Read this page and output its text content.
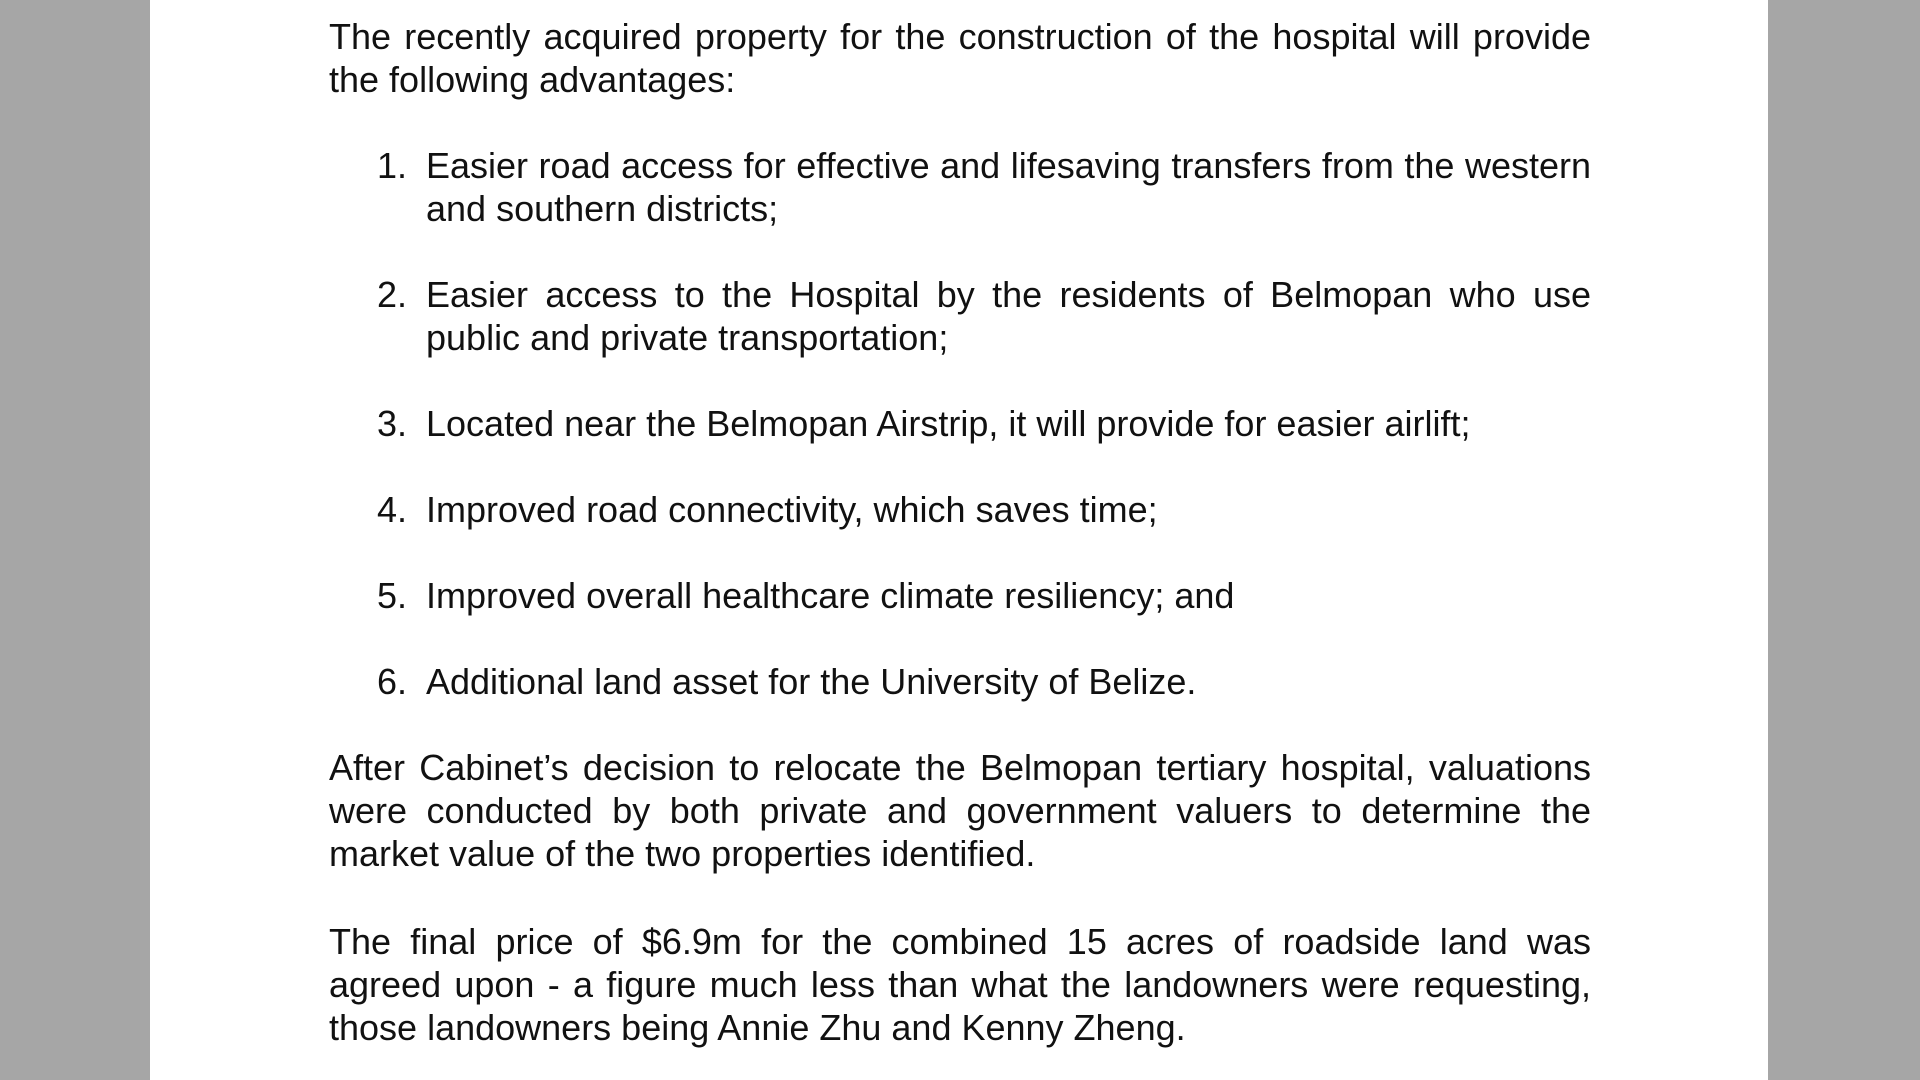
The recently acquired property for the construction of the hospital will provide the following advantages:

1. Easier road access for effective and lifesaving transfers from the western and southern districts;
2. Easier access to the Hospital by the residents of Belmopan who use public and private transportation;
3. Located near the Belmopan Airstrip, it will provide for easier airlift;
4. Improved road connectivity, which saves time;
5. Improved overall healthcare climate resiliency; and
6. Additional land asset for the University of Belize.

After Cabinet’s decision to relocate the Belmopan tertiary hospital, valuations were conducted by both private and government valuers to determine the market value of the two properties identified.

The final price of $6.9m for the combined 15 acres of roadside land was agreed upon - a figure much less than what the landowners were requesting, those landowners being Annie Zhu and Kenny Zheng.
